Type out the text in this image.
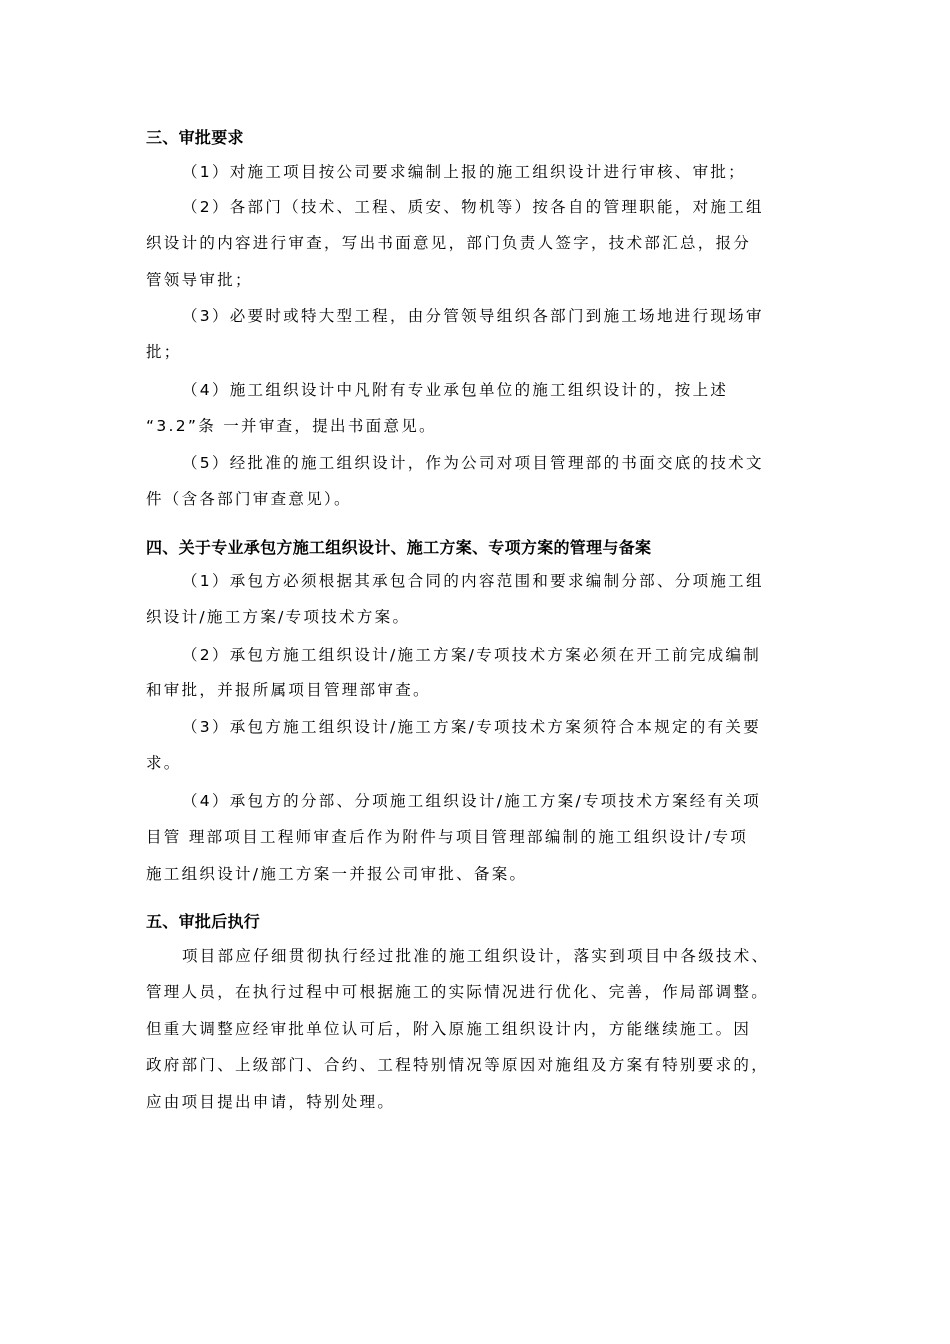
三、审批要求
（1）对施工项目按公司要求编制上报的施工组织设计进行审核、审批；
（2）各部门（技术、工程、质安、物机等）按各自的管理职能，对施工组
织设计的内容进行审查，写出书面意见，部门负责人签字，技术部汇总，报分
管领导审批；
（3）必要时或特大型工程，由分管领导组织各部门到施工场地进行现场审
批；
（4）施工组织设计中凡附有专业承包单位的施工组织设计的，按上述
“3.2”条 一并审查，提出书面意见。
（5）经批准的施工组织设计，作为公司对项目管理部的书面交底的技术文
件（含各部门审查意见）。
四、关于专业承包方施工组织设计、施工方案、专项方案的管理与备案
（1）承包方必须根据其承包合同的内容范围和要求编制分部、分项施工组
织设计/施工方案/专项技术方案。
（2）承包方施工组织设计/施工方案/专项技术方案必须在开工前完成编制
和审批，并报所属项目管理部审查。
（3）承包方施工组织设计/施工方案/专项技术方案须符合本规定的有关要
求。
（4）承包方的分部、分项施工组织设计/施工方案/专项技术方案经有关项
目管 理部项目工程师审查后作为附件与项目管理部编制的施工组织设计/专项
施工组织设计/施工方案一并报公司审批、备案。
五、审批后执行
项目部应仔细贯彻执行经过批准的施工组织设计，落实到项目中各级技术、
管理人员，在执行过程中可根据施工的实际情况进行优化、完善，作局部调整。
但重大调整应经审批单位认可后，附入原施工组织设计内，方能继续施工。因
政府部门、上级部门、合约、工程特别情况等原因对施组及方案有特别要求的，
应由项目提出申请，特别处理。
